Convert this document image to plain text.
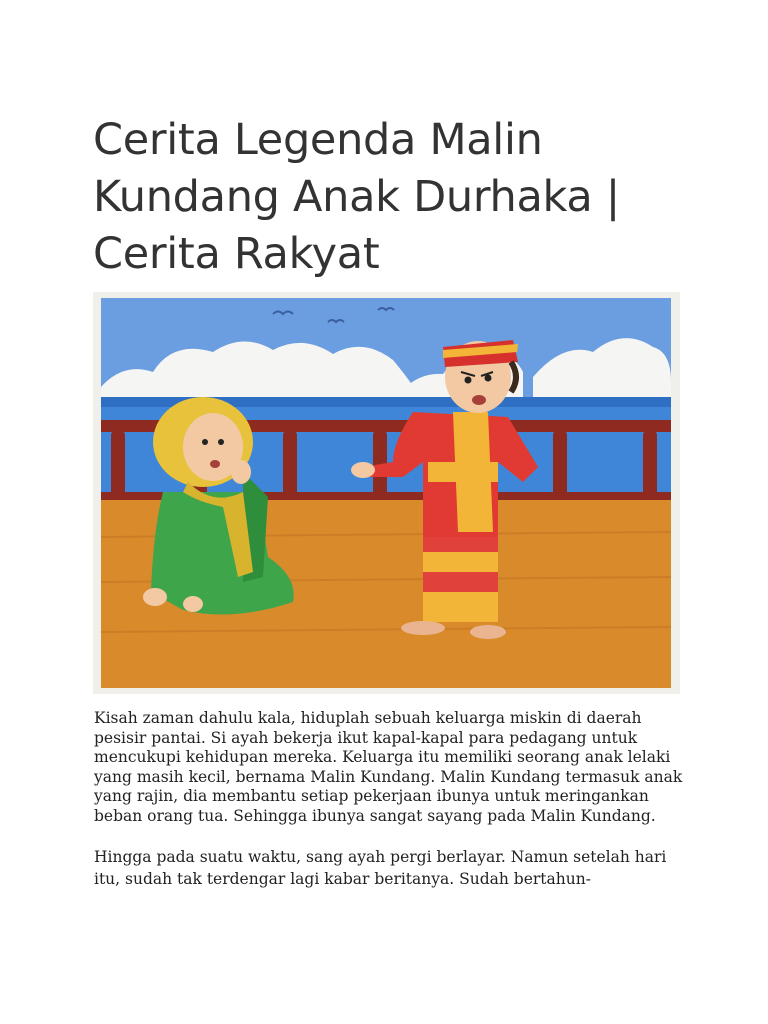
Cerita Legenda Malin Kundang Anak Durhaka | Cerita Rakyat

Kisah zaman dahulu kala, hiduplah sebuah keluarga miskin di daerah pesisir pantai. Si ayah bekerja ikut kapal-kapal para pedagang untuk mencukupi kehidupan mereka. Keluarga itu memiliki seorang anak lelaki yang masih kecil, bernama Malin Kundang. Malin Kundang termasuk anak yang rajin, dia membantu setiap pekerjaan ibunya untuk meringankan beban orang tua. Sehingga ibunya sangat sayang pada Malin Kundang.

Hingga pada suatu waktu, sang ayah pergi berlayar. Namun setelah hari itu, sudah tak terdengar lagi kabar beritanya. Sudah bertahun-
